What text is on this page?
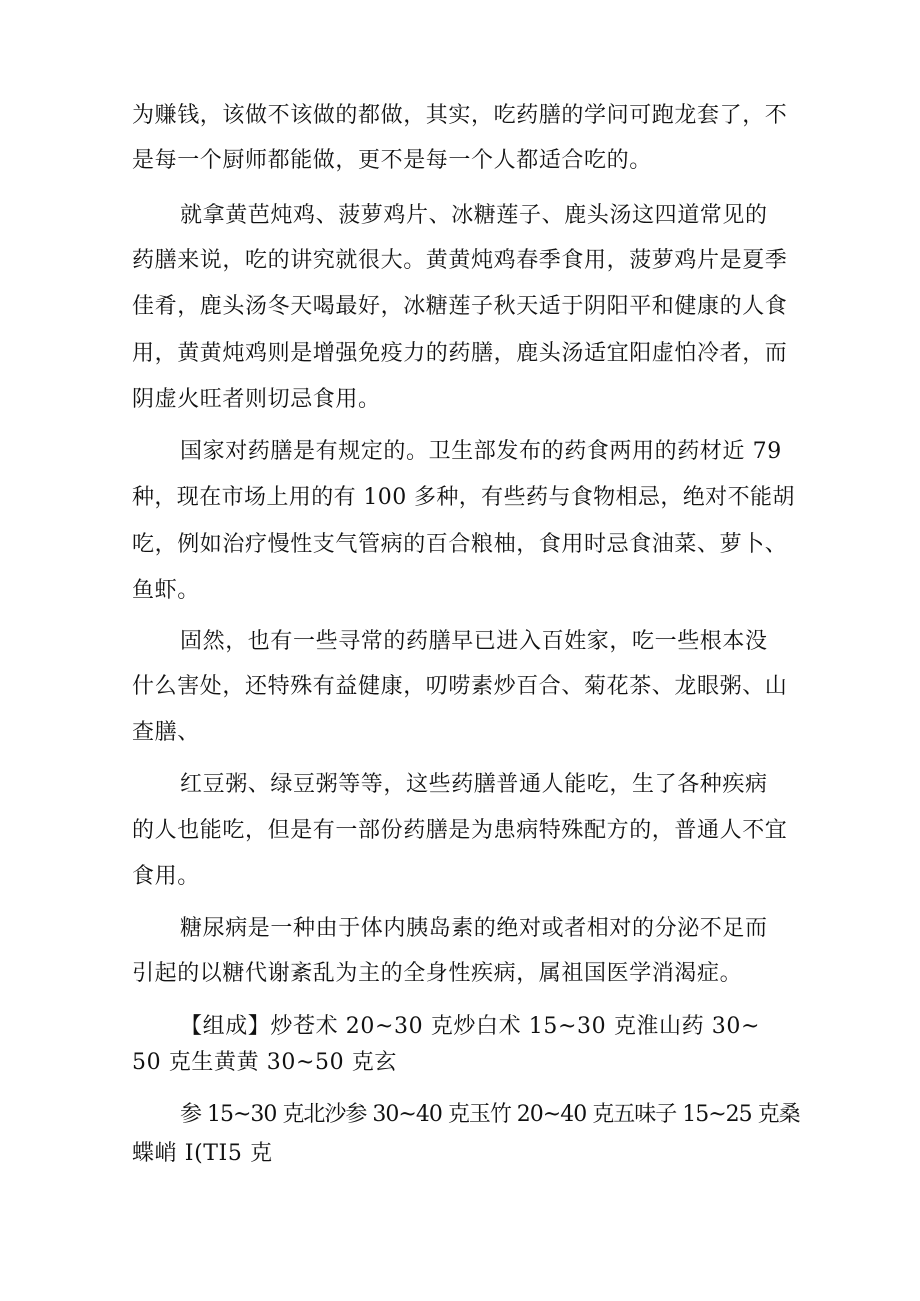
为赚钱，该做不该做的都做，其实，吃药膳的学问可跑龙套了，不
是每一个厨师都能做，更不是每一个人都适合吃的。
就拿黄芭炖鸡、菠萝鸡片、冰糖莲子、鹿头汤这四道常见的
药膳来说，吃的讲究就很大。黄黄炖鸡春季食用，菠萝鸡片是夏季
佳肴，鹿头汤冬天喝最好，冰糖莲子秋天适于阴阳平和健康的人食
用，黄黄炖鸡则是增强免疫力的药膳，鹿头汤适宜阳虚怕冷者，而
阴虚火旺者则切忌食用。
国家对药膳是有规定的。卫生部发布的药食两用的药材近 79
种，现在市场上用的有 100 多种，有些药与食物相忌，绝对不能胡
吃，例如治疗慢性支气管病的百合粮柚，食用时忌食油菜、萝卜、
鱼虾。
固然，也有一些寻常的药膳早已进入百姓家，吃一些根本没
什么害处，还特殊有益健康，叨唠素炒百合、菊花茶、龙眼粥、山
查膳、
红豆粥、绿豆粥等等，这些药膳普通人能吃，生了各种疾病
的人也能吃，但是有一部份药膳是为患病特殊配方的，普通人不宜
食用。
糖尿病是一种由于体内胰岛素的绝对或者相对的分泌不足而
引起的以糖代谢紊乱为主的全身性疾病，属祖国医学消渴症。
【组成】炒苍术 20~30 克炒白术 15~30 克淮山药 30~
50 克生黄黄 30~50 克玄
参 15~30 克北沙参 30~40 克玉竹 20~40 克五味子 15~25 克桑
蝶峭 I(TI5 克
